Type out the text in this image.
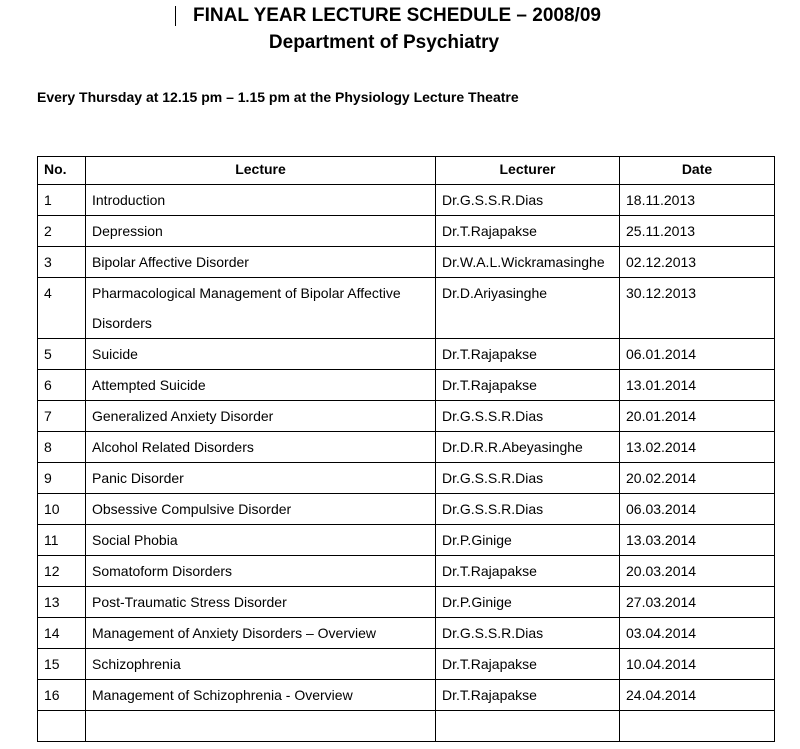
FINAL YEAR LECTURE SCHEDULE – 2008/09
Department of Psychiatry
Every Thursday at 12.15 pm – 1.15 pm at the Physiology Lecture Theatre
No.	Lecture	Lecturer	Date
1	Introduction	Dr.G.S.S.R.Dias	18.11.2013
2	Depression	Dr.T.Rajapakse	25.11.2013
3	Bipolar Affective Disorder	Dr.W.A.L.Wickramasinghe	02.12.2013
4	Pharmacological Management of Bipolar Affective Disorders	Dr.D.Ariyasinghe	30.12.2013
5	Suicide	Dr.T.Rajapakse	06.01.2014
6	Attempted Suicide	Dr.T.Rajapakse	13.01.2014
7	Generalized Anxiety Disorder	Dr.G.S.S.R.Dias	20.01.2014
8	Alcohol Related Disorders	Dr.D.R.R.Abeyasinghe	13.02.2014
9	Panic Disorder	Dr.G.S.S.R.Dias	20.02.2014
10	Obsessive Compulsive Disorder	Dr.G.S.S.R.Dias	06.03.2014
11	Social Phobia	Dr.P.Ginige	13.03.2014
12	Somatoform Disorders	Dr.T.Rajapakse	20.03.2014
13	Post-Traumatic Stress Disorder	Dr.P.Ginige	27.03.2014
14	Management of Anxiety Disorders – Overview	Dr.G.S.S.R.Dias	03.04.2014
15	Schizophrenia	Dr.T.Rajapakse	10.04.2014
16	Management of Schizophrenia - Overview	Dr.T.Rajapakse	24.04.2014
